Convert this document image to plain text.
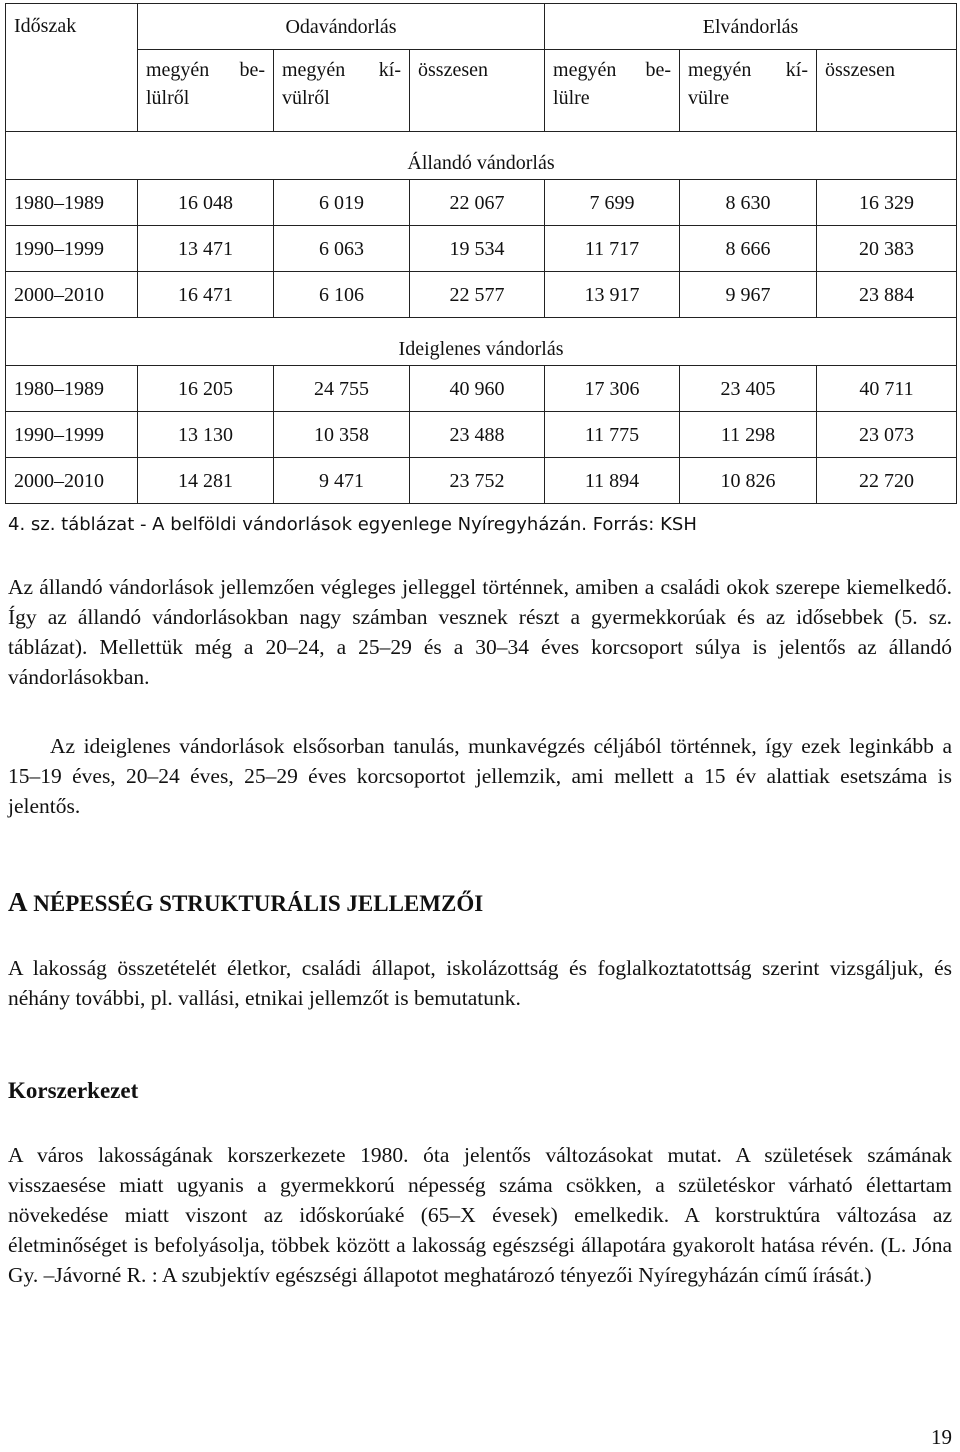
Időszak	Odavándorlás			Elvándorlás		
	megyén belülről	megyén kívülről	összesen	megyén belülre	megyén kívülre	összesen
Állandó vándorlás						
1980–1989	16 048	6 019	22 067	7 699	8 630	16 329
1990–1999	13 471	6 063	19 534	11 717	8 666	20 383
2000–2010	16 471	6 106	22 577	13 917	9 967	23 884
Ideiglenes vándorlás						
1980–1989	16 205	24 755	40 960	17 306	23 405	40 711
1990–1999	13 130	10 358	23 488	11 775	11 298	23 073
2000–2010	14 281	9 471	23 752	11 894	10 826	22 720
4. sz. táblázat - A belföldi vándorlások egyenlege Nyíregyházán. Forrás: KSH

Az állandó vándorlások jellemzően végleges jelleggel történnek, amiben a családi okok szerepe kiemelkedő. Így az állandó vándorlásokban nagy számban vesznek részt a gyermekkorúak és az idősebbek (5. sz. táblázat). Mellettük még a 20–24, a 25–29 és a 30–34 éves korcsoport súlya is jelentős az állandó vándorlásokban.

Az ideiglenes vándorlások elsősorban tanulás, munkavégzés céljából történnek, így ezek leginkább a 15–19 éves, 20–24 éves, 25–29 éves korcsoportot jellemzik, ami mellett a 15 év alattiak esetszáma is jelentős.

A NÉPESSÉG STRUKTURÁLIS JELLEMZŐI

A lakosság összetételét életkor, családi állapot, iskolázottság és foglalkoztatottság szerint vizsgáljuk, és néhány további, pl. vallási, etnikai jellemzőt is bemutatunk.

Korszerkezet

A város lakosságának korszerkezete 1980. óta jelentős változásokat mutat. A születések számának visszaesése miatt ugyanis a gyermekkorú népesség száma csökken, a születéskor várható élettartam növekedése miatt viszont az időskorúaké (65–X évesek) emelkedik. A korstruktúra változása az életminőséget is befolyásolja, többek között a lakosság egészségi állapotára gyakorolt hatása révén. (L. Jóna Gy. –Jávorné R. : A szubjektív egészségi állapotot meghatározó tényezői Nyíregyházán című írását.)

19
